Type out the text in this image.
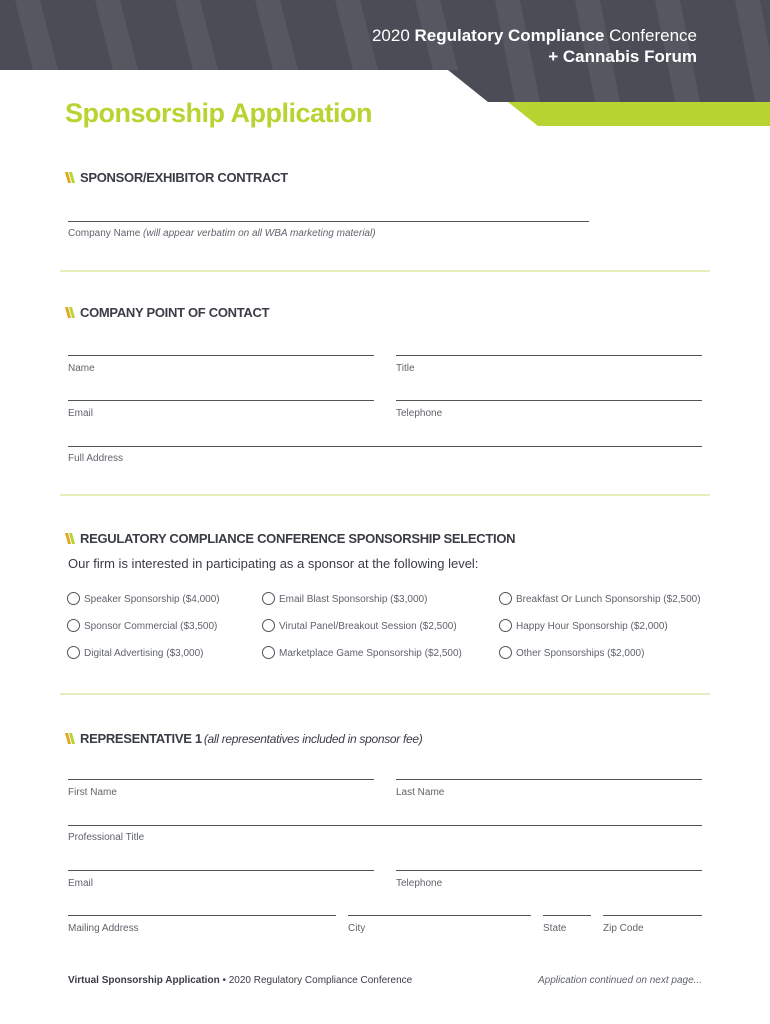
2020 Regulatory Compliance Conference
+ Cannabis Forum
Sponsorship Application
SPONSOR/EXHIBITOR CONTRACT
Company Name (will appear verbatim on all WBA marketing material)
COMPANY POINT OF CONTACT
Name	Title
Email	Telephone
Full Address
REGULATORY COMPLIANCE CONFERENCE SPONSORSHIP SELECTION
Our firm is interested in participating as a sponsor at the following level:
Speaker Sponsorship ($4,000)	Email Blast Sponsorship ($3,000)	Breakfast Or Lunch Sponsorship ($2,500)
Sponsor Commercial ($3,500)	Virutal Panel/Breakout Session ($2,500)	Happy Hour Sponsorship ($2,000)
Digital Advertising ($3,000)	Marketplace Game Sponsorship ($2,500)	Other Sponsorships ($2,000)
REPRESENTATIVE 1 (all representatives included in sponsor fee)
First Name	Last Name
Professional Title
Email	Telephone
Mailing Address	City	State	Zip Code
Virtual Sponsorship Application • 2020 Regulatory Compliance Conference	Application continued on next page...
